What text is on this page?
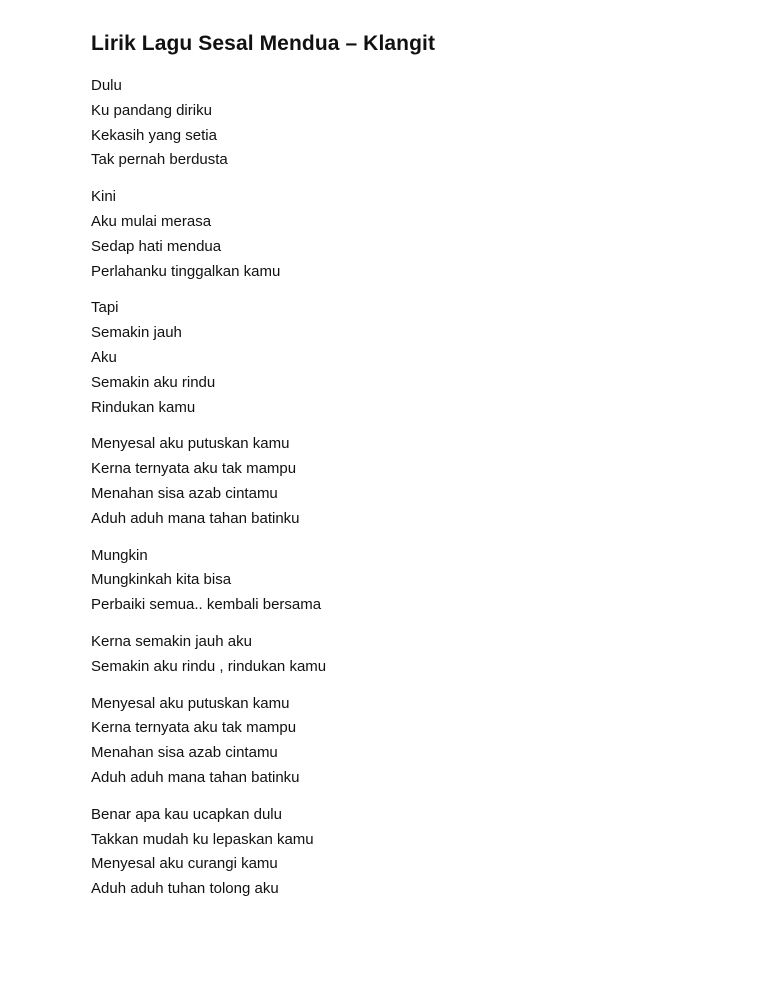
Lirik Lagu Sesal Mendua – Klangit
Dulu
Ku pandang diriku
Kekasih yang setia
Tak pernah berdusta
Kini
Aku mulai merasa
Sedap hati mendua
Perlahanku tinggalkan kamu
Tapi
Semakin jauh
Aku
Semakin aku rindu
Rindukan kamu
Menyesal aku putuskan kamu
Kerna ternyata aku tak mampu
Menahan sisa azab cintamu
Aduh aduh mana tahan batinku
Mungkin
Mungkinkah kita bisa
Perbaiki semua.. kembali bersama
Kerna semakin jauh aku
Semakin aku rindu , rindukan kamu
Menyesal aku putuskan kamu
Kerna ternyata aku tak mampu
Menahan sisa azab cintamu
Aduh aduh mana tahan batinku
Benar apa kau ucapkan dulu
Takkan mudah ku lepaskan kamu
Menyesal aku curangi kamu
Aduh aduh tuhan tolong aku
